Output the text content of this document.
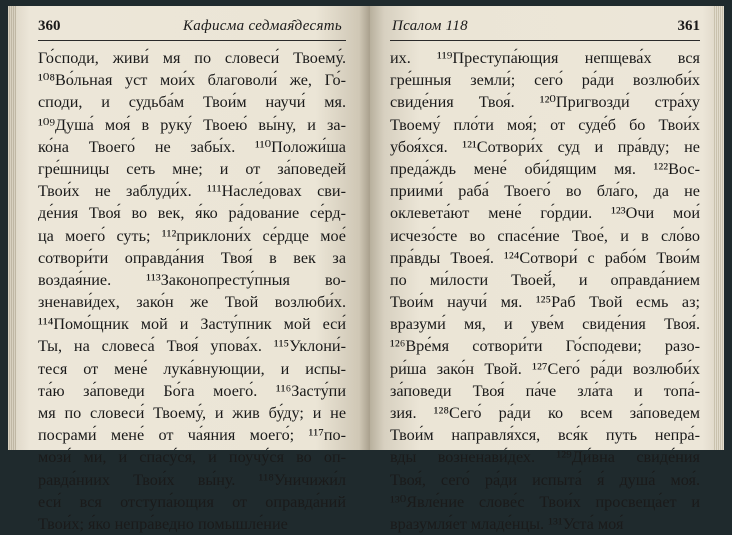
360	Кафисма седмая̑десять
Го́споди, живи́ мя по словеси́ Твоему́.
¹⁰⁸Во́льная уст мои́х благоволи́ же, Го́-
споди, и судьба́м Твои́м научи́ мя.
¹⁰⁹Душа́ моя́ в руку́ Твоею́ вы́ну, и за-
ко́на Твоего́ не забы́х. ¹¹⁰Положи́ша
гре́шницы сеть мне; и от за́поведей
Твои́х не заблуди́х. ¹¹¹Насле́довах сви-
де́ния Твоя́ во век, я́ко ра́дование се́рд-
ца моего́ суть; ¹¹²приклони́х се́рдце мое́
сотвори́ти оправда́ния Твоя́ в век за
воздая́ние. ¹¹³Законопресту́пныя во-
зненави́дех, зако́н же Твой возлюби́х.
¹¹⁴Помо́щник мой и Засту́пник мой еси́
Ты, на словеса́ Твоя́ упова́х. ¹¹⁵Уклони́-
теся от мене́ лука́внующии, и испы-
та́ю за́поведи Бо́га моего́. ¹¹⁶Засту́пи
мя по словеси́ Твоему́, и жив бу́ду; и не
посрами́ мене́ от ча́яния моего́; ¹¹⁷по-
мози́ ми, и спасу́ся, и поучу́ся во оп-
равда́ниих Твои́х вы́ну. ¹¹⁸Уничижи́л
еси́ вся отступа́ющия от оправда́ний
Твои́х; я́ко непра́ведно помышле́ние
Псалом 118	361
их. ¹¹⁹Преступа́ющия непщева́х вся
гре́шныя земли́; сего́ ра́ди возлюби́х
свиде́ния Твоя́. ¹²⁰Пригвозди́ стра́ху
Твоему́ пло́ти моя́; от суде́б бо Твои́х
убоя́хся. ¹²¹Сотвори́х суд и пра́вду; не
преда́ждь мене́ оби́дящим мя. ¹²²Вос-
приими́ раба́ Твоего́ во бла́го, да не
оклевета́ют мене́ го́рдии. ¹²³Очи мои́
исчезо́сте во спасе́ние Твое́, и в сло́во
пра́вды Твоея́. ¹²⁴Сотвори́ с рабо́м Твои́м
по ми́лости Твоей́, и оправда́нием
Твои́м научи́ мя. ¹²⁵Раб Твой есмь аз;
вразуми́ мя, и уве́м свиде́ния Твоя́.
¹²⁶Вре́мя сотвори́ти Го́сподеви; разо-
ри́ша зако́н Твой. ¹²⁷Сего́ ра́ди возлюби́х
за́поведи Твоя́ па́че зла́та и топа́-
зия. ¹²⁸Сего́ ра́ди ко всем за́поведем
Твои́м направля́хся, вся́к путь непра́-
вды возненави́дех. ¹²⁹Ди́вна свиде́ния
Твоя́, сего́ ра́ди испыта́ я́ душа́ моя́.
¹³⁰Явле́ние слове́с Твои́х просвеща́ет и
вразумля́ет младе́нцы. ¹³¹Уста́ моя́
